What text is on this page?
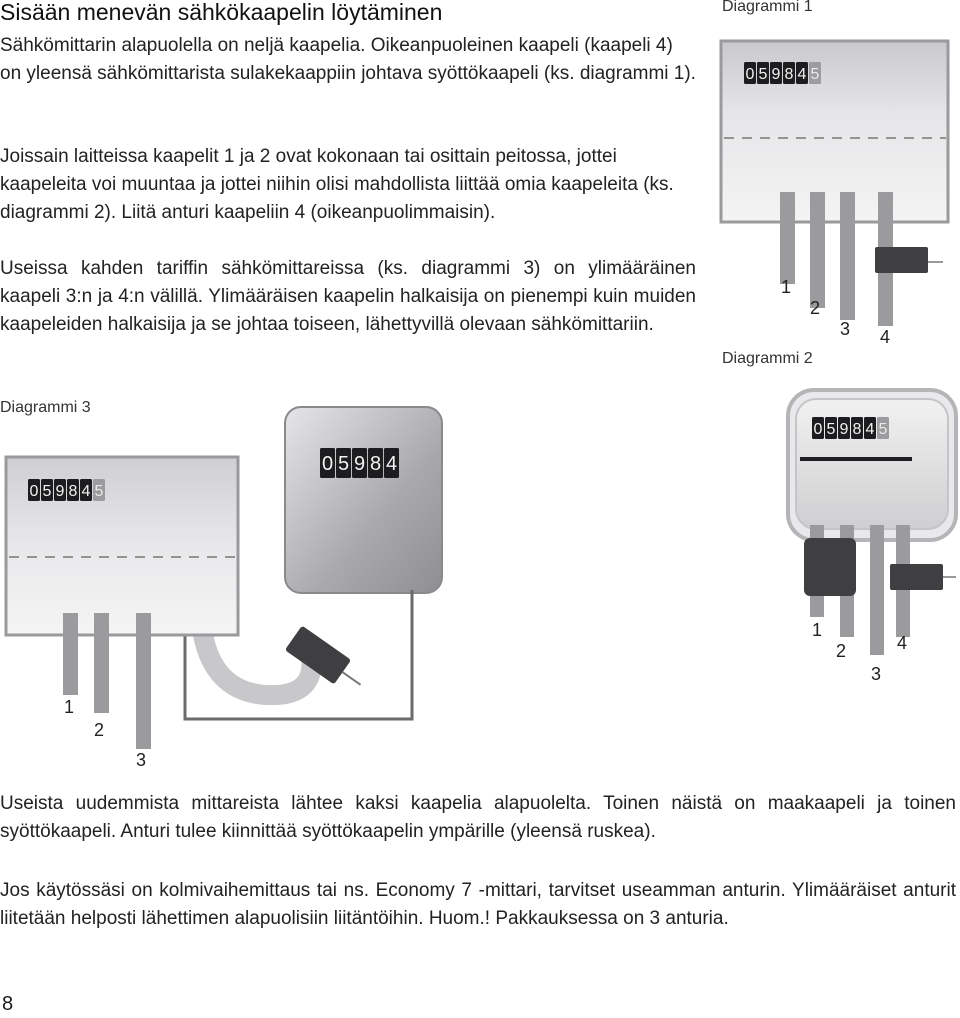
Sisään menevän sähkökaapelin löytäminen
Sähkömittarin alapuolella on neljä kaapelia. Oikeanpuoleinen kaapeli (kaapeli 4) on yleensä sähkömittarista sulakekaappiin johtava syöttökaapeli (ks. diagrammi 1).
Joissain laitteissa kaapelit 1 ja 2 ovat kokonaan tai osittain peitossa, jottei kaapeleita voi muuntaa ja jottei niihin olisi mahdollista liittää omia kaapeleita (ks. diagrammi 2). Liitä anturi kaapeliin 4 (oikeanpuolimmaisin).
Useissa kahden tariffin sähkömittareissa (ks. diagrammi 3) on ylimääräinen kaapeli 3:n ja 4:n välillä. Ylimääräisen kaapelin halkaisija on pienempi kuin muiden kaapeleiden halkaisija ja se johtaa toiseen, lähettyvillä olevaan sähkömittariin.
Useista uudemmista mittareista lähtee kaksi kaapelia alapuolelta. Toinen näistä on maakaapeli ja toinen syöttökaapeli. Anturi tulee kiinnittää syöttökaapelin ympärille (yleensä ruskea).
Jos käytössäsi on kolmivaihemittaus tai ns. Economy 7 -mittari, tarvitset useamman anturin. Ylimääräiset anturit liitetään helposti lähettimen alapuolisiin liitäntöihin. Huom.! Pakkauksessa on 3 anturia.
8
Diagrammi 1
Diagrammi 2
Diagrammi 3
0 5 9 8 4 5
1
2
3 4
0 5 9 8 4
0 5 9 8 4 5
1
2
3
0 5 9 8 4 5
1
2
3
4
